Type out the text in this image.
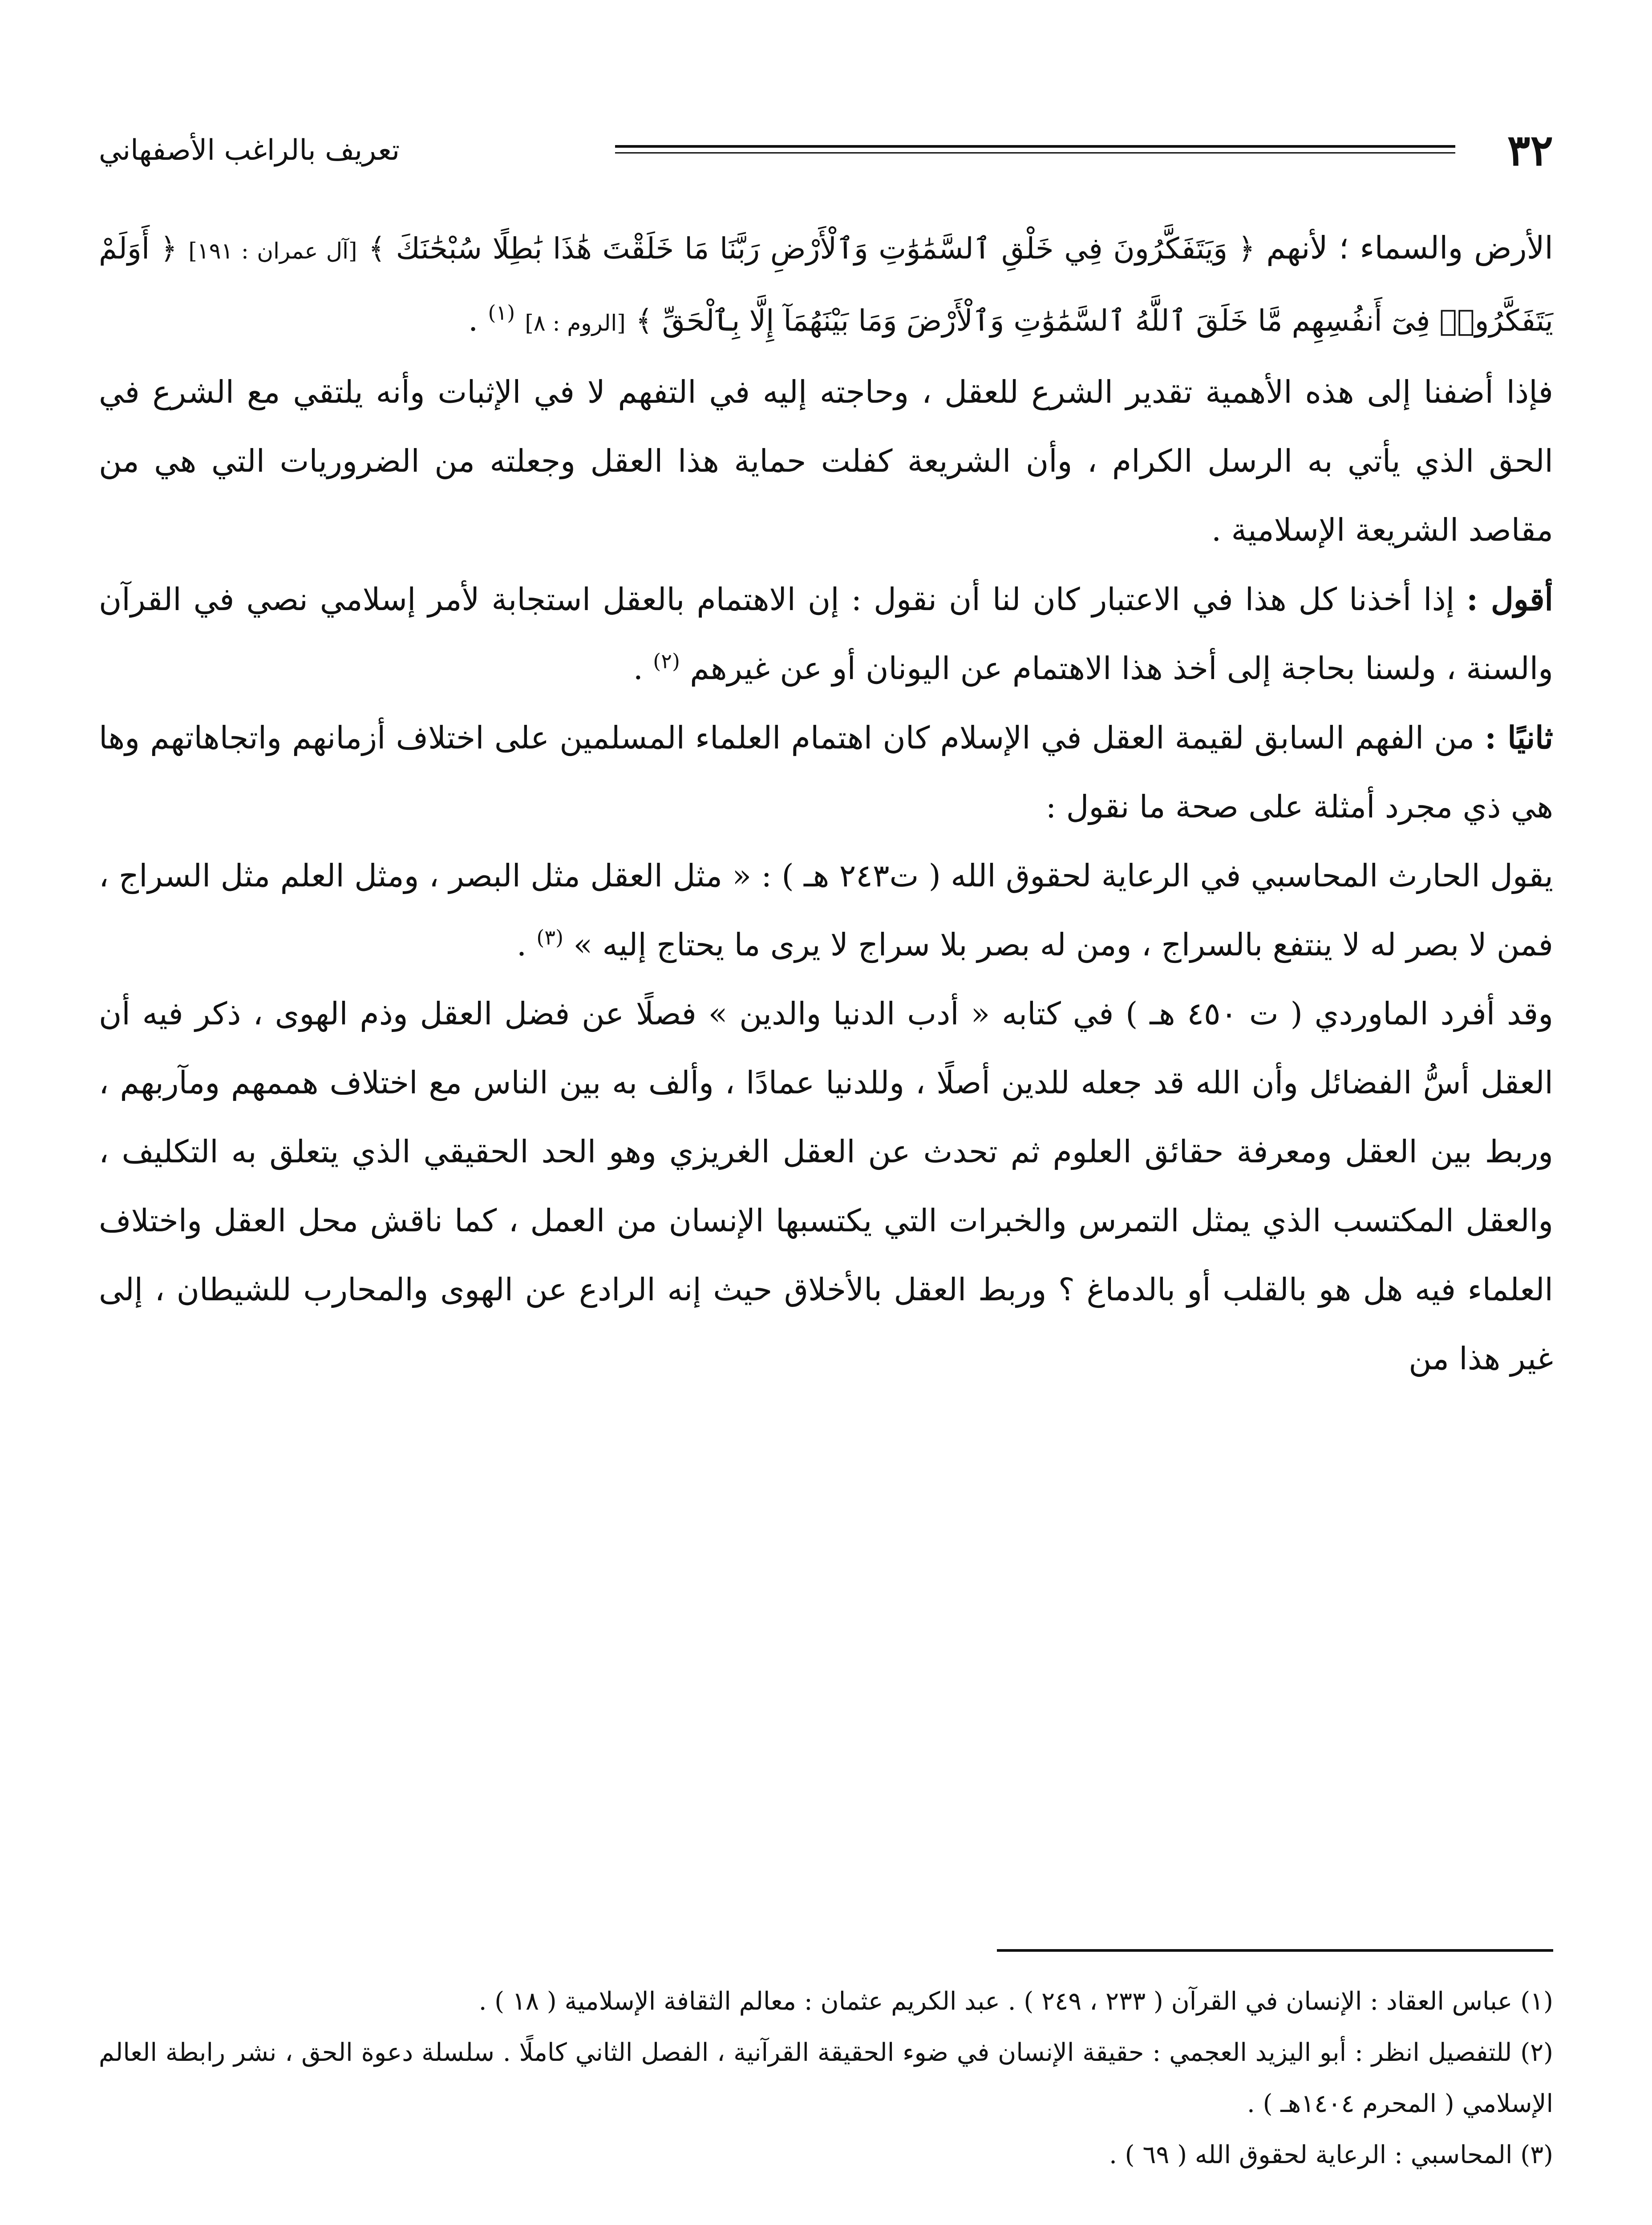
٣٢
تعريف بالراغب الأصفهاني

الأرض والسماء ؛ لأنهم ﴿ وَيَتَفَكَّرُونَ فِي خَلْقِ ٱلسَّمَٰوَٰتِ وَٱلْأَرْضِ رَبَّنَا مَا خَلَقْتَ هَٰذَا بَٰطِلًا سُبْحَٰنَكَ ﴾ [آل عمران : ١٩١] ﴿ أَوَلَمْ يَتَفَكَّرُوا۟ فِىٓ أَنفُسِهِم مَّا خَلَقَ ٱللَّهُ ٱلسَّمَٰوَٰتِ وَٱلْأَرْضَ وَمَا بَيْنَهُمَآ إِلَّا بِٱلْحَقِّ ﴾ [الروم : ٨] $^{(١)}$ .

فإذا أضفنا إلى هذه الأهمية تقدير الشرع للعقل ، وحاجته إليه في التفهم لا في الإثبات وأنه يلتقي مع الشرع في الحق الذي يأتي به الرسل الكرام ، وأن الشريعة كفلت حماية هذا العقل وجعلته من الضروريات التي هي من مقاصد الشريعة الإسلامية .

أقول : إذا أخذنا كل هذا في الاعتبار كان لنا أن نقول : إن الاهتمام بالعقل استجابة لأمر إسلامي نصي في القرآن والسنة ، ولسنا بحاجة إلى أخذ هذا الاهتمام عن اليونان أو عن غيرهم $^{(٢)}$ .

ثانيًا : من الفهم السابق لقيمة العقل في الإسلام كان اهتمام العلماء المسلمين على اختلاف أزمانهم واتجاهاتهم وها هي ذي مجرد أمثلة على صحة ما نقول :

يقول الحارث المحاسبي في الرعاية لحقوق الله ( ت٢٤٣ هـ ) : « مثل العقل مثل البصر ، ومثل العلم مثل السراج ، فمن لا بصر له لا ينتفع بالسراج ، ومن له بصر بلا سراج لا يرى ما يحتاج إليه » $^{(٣)}$ .

وقد أفرد الماوردي ( ت ٤٥٠ هـ ) في كتابه « أدب الدنيا والدين » فصلًا عن فضل العقل وذم الهوى ، ذكر فيه أن العقل أسُّ الفضائل وأن الله قد جعله للدين أصلًا ، وللدنيا عمادًا ، وألف به بين الناس مع اختلاف هممهم ومآربهم ، وربط بين العقل ومعرفة حقائق العلوم ثم تحدث عن العقل الغريزي وهو الحد الحقيقي الذي يتعلق به التكليف ، والعقل المكتسب الذي يمثل التمرس والخبرات التي يكتسبها الإنسان من العمل ، كما ناقش محل العقل واختلاف العلماء فيه هل هو بالقلب أو بالدماغ ؟ وربط العقل بالأخلاق حيث إنه الرادع عن الهوى والمحارب للشيطان ، إلى غير هذا من

(١) عباس العقاد : الإنسان في القرآن ( ٢٣٣ ، ٢٤٩ ) . عبد الكريم عثمان : معالم الثقافة الإسلامية ( ١٨ ) .

(٢) للتفصيل انظر : أبو اليزيد العجمي : حقيقة الإنسان في ضوء الحقيقة القرآنية ، الفصل الثاني كاملًا . سلسلة دعوة الحق ، نشر رابطة العالم الإسلامي ( المحرم ١٤٠٤هـ ) .

(٣) المحاسبي : الرعاية لحقوق الله ( ٦٩ ) .
